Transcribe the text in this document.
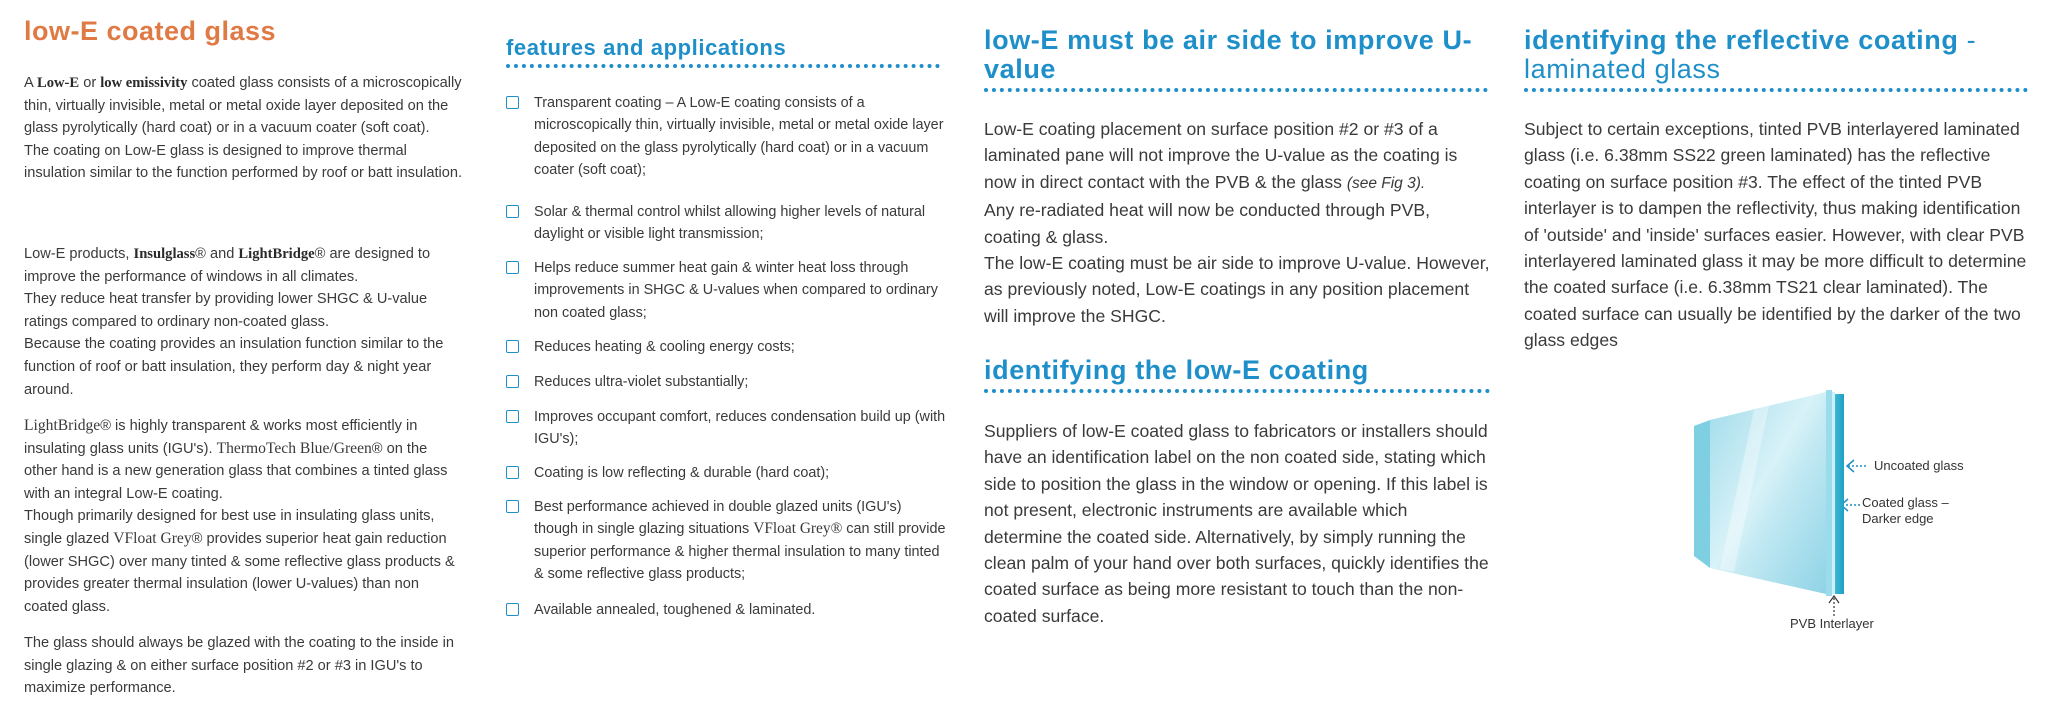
low-E coated glass

A Low-E or low emissivity coated glass consists of a microscopically thin, virtually invisible, metal or metal oxide layer deposited on the glass pyrolytically (hard coat) or in a vacuum coater (soft coat).
The coating on Low-E glass is designed to improve thermal insulation similar to the function performed by roof or batt insulation.

Low-E products, Insulglass® and LightBridge® are designed to improve the performance of windows in all climates.
They reduce heat transfer by providing lower SHGC & U-value ratings compared to ordinary non-coated glass.
Because the coating provides an insulation function similar to the function of roof or batt insulation, they perform day & night year around.

LightBridge® is highly transparent & works most efficiently in insulating glass units (IGU's). ThermoTech Blue/Green® on the other hand is a new generation glass that combines a tinted glass with an integral Low-E coating.
Though primarily designed for best use in insulating glass units, single glazed VFloat Grey® provides superior heat gain reduction (lower SHGC) over many tinted & some reflective glass products & provides greater thermal insulation (lower U-values) than non coated glass.

The glass should always be glazed with the coating to the inside in single glazing & on either surface position #2 or #3 in IGU's to maximize performance.

features and applications
Transparent coating – A Low-E coating consists of a microscopically thin, virtually invisible, metal or metal oxide layer deposited on the glass pyrolytically (hard coat) or in a vacuum coater (soft coat);
Solar & thermal control whilst allowing higher levels of natural daylight or visible light transmission;
Helps reduce summer heat gain & winter heat loss through improvements in SHGC & U-values when compared to ordinary non coated glass;
Reduces heating & cooling energy costs;
Reduces ultra-violet substantially;
Improves occupant comfort, reduces condensation build up (with IGU's);
Coating is low reflecting & durable (hard coat);
Best performance achieved in double glazed units (IGU's) though in single glazing situations VFloat Grey® can still provide superior performance & higher thermal insulation to many tinted & some reflective glass products;
Available annealed, toughened & laminated.
low-E must be air side to improve U-value

Low-E coating placement on surface position #2 or #3 of a laminated pane will not improve the U-value as the coating is now in direct contact with the PVB & the glass (see Fig 3).
Any re-radiated heat will now be conducted through PVB, coating & glass.
The low-E coating must be air side to improve U-value. However, as previously noted, Low-E coatings in any position placement will improve the SHGC.

identifying the low-E coating

Suppliers of low-E coated glass to fabricators or installers should have an identification label on the non coated side, stating which side to position the glass in the window or opening. If this label is not present, electronic instruments are available which determine the coated side. Alternatively, by simply running the clean palm of your hand over both surfaces, quickly identifies the coated surface as being more resistant to touch than the non-coated surface.

identifying the reflective coating - laminated glass

Subject to certain exceptions, tinted PVB interlayered laminated glass (i.e. 6.38mm SS22 green laminated) has the reflective coating on surface position #3. The effect of the tinted PVB interlayer is to dampen the reflectivity, thus making identification of 'outside' and 'inside' surfaces easier. However, with clear PVB interlayered laminated glass it may be more difficult to determine the coated surface (i.e. 6.38mm TS21 clear laminated). The coated surface can usually be identified by the darker of the two glass edges

Uncoated glass
Coated glass –
Darker edge
PVB Interlayer
